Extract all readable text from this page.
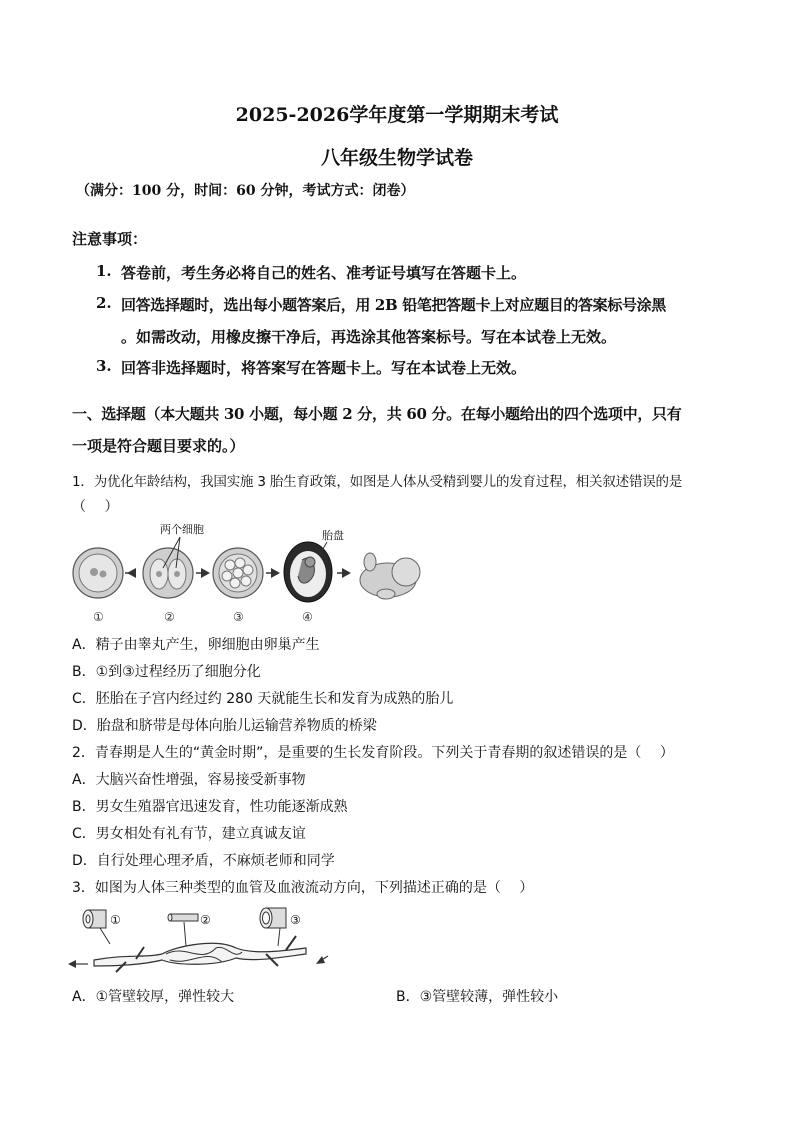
2025-2026学年度第一学期期末考试
八年级生物学试卷
（满分：100 分，时间：60 分钟，考试方式：闭卷）
注意事项：
1. 答卷前，考生务必将自己的姓名、准考证号填写在答题卡上。
2. 回答选择题时，选出每小题答案后，用 2B 铅笔把答题卡上对应题目的答案标号涂黑
。如需改动，用橡皮擦干净后，再选涂其他答案标号。写在本试卷上无效。
3. 回答非选择题时，将答案写在答题卡上。写在本试卷上无效。
一、选择题（本大题共 30 小题，每小题 2 分，共 60 分。在每小题给出的四个选项中，只有
一项是符合题目要求的。）
1．为优化年龄结构，我国实施 3 胎生育政策，如图是人体从受精到婴儿的发育过程，相关叙述错误的是
（　 ）
①
两个细胞
②	③
胎盘
④
A．精子由睾丸产生，卵细胞由卵巢产生
B．①到③过程经历了细胞分化
C．胚胎在子宫内经过约 280 天就能生长和发育为成熟的胎儿
D．胎盘和脐带是母体向胎儿运输营养物质的桥梁
2．青春期是人生的“黄金时期”，是重要的生长发育阶段。下列关于青春期的叙述错误的是（　 ）
A．大脑兴奋性增强，容易接受新事物
B．男女生殖器官迅速发育，性功能逐渐成熟
C．男女相处有礼有节，建立真诚友谊
D．自行处理心理矛盾，不麻烦老师和同学
3．如图为人体三种类型的血管及血液流动方向，下列描述正确的是（　 ）
①	②	③
A．①管壁较厚，弹性较大	B．③管壁较薄，弹性较小
